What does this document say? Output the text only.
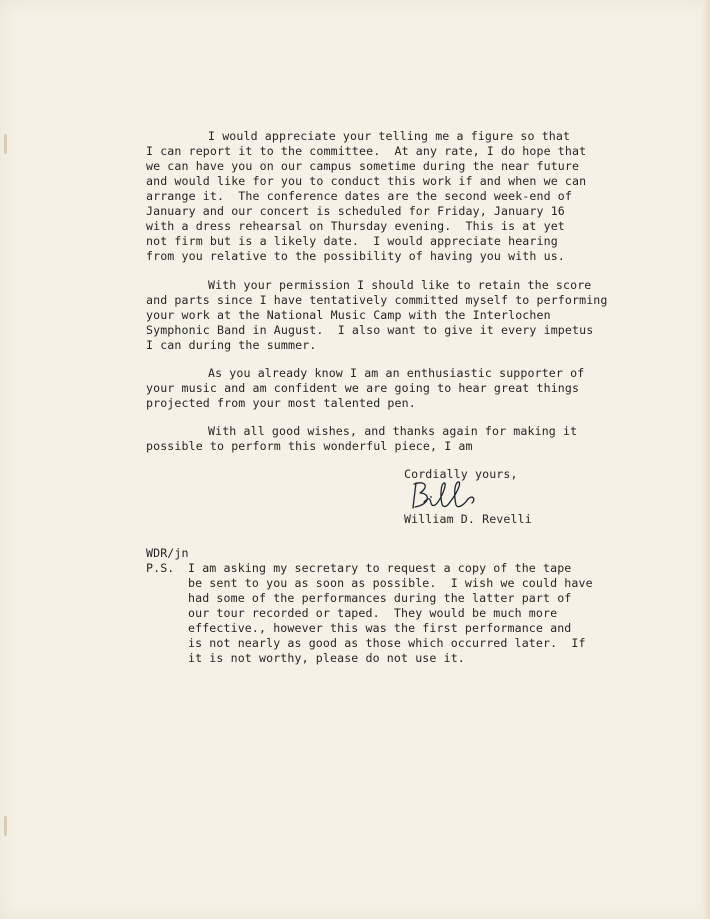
I would appreciate your telling me a figure so that
I can report it to the committee.  At any rate, I do hope that
we can have you on our campus sometime during the near future
and would like for you to conduct this work if and when we can
arrange it.  The conference dates are the second week-end of
January and our concert is scheduled for Friday, January 16
with a dress rehearsal on Thursday evening.  This is at yet
not firm but is a likely date.  I would appreciate hearing
from you relative to the possibility of having you with us.
With your permission I should like to retain the score
and parts since I have tentatively committed myself to performing
your work at the National Music Camp with the Interlochen
Symphonic Band in August.  I also want to give it every impetus
I can during the summer.
As you already know I am an enthusiastic supporter of
your music and am confident we are going to hear great things
projected from your most talented pen.
With all good wishes, and thanks again for making it
possible to perform this wonderful piece, I am
Cordially yours,
William D. Revelli
WDR/jn
P.S. I am asking my secretary to request a copy of the tape
be sent to you as soon as possible.  I wish we could have
had some of the performances during the latter part of
our tour recorded or taped.  They would be much more
effective., however this was the first performance and
is not nearly as good as those which occurred later.  If
it is not worthy, please do not use it.
